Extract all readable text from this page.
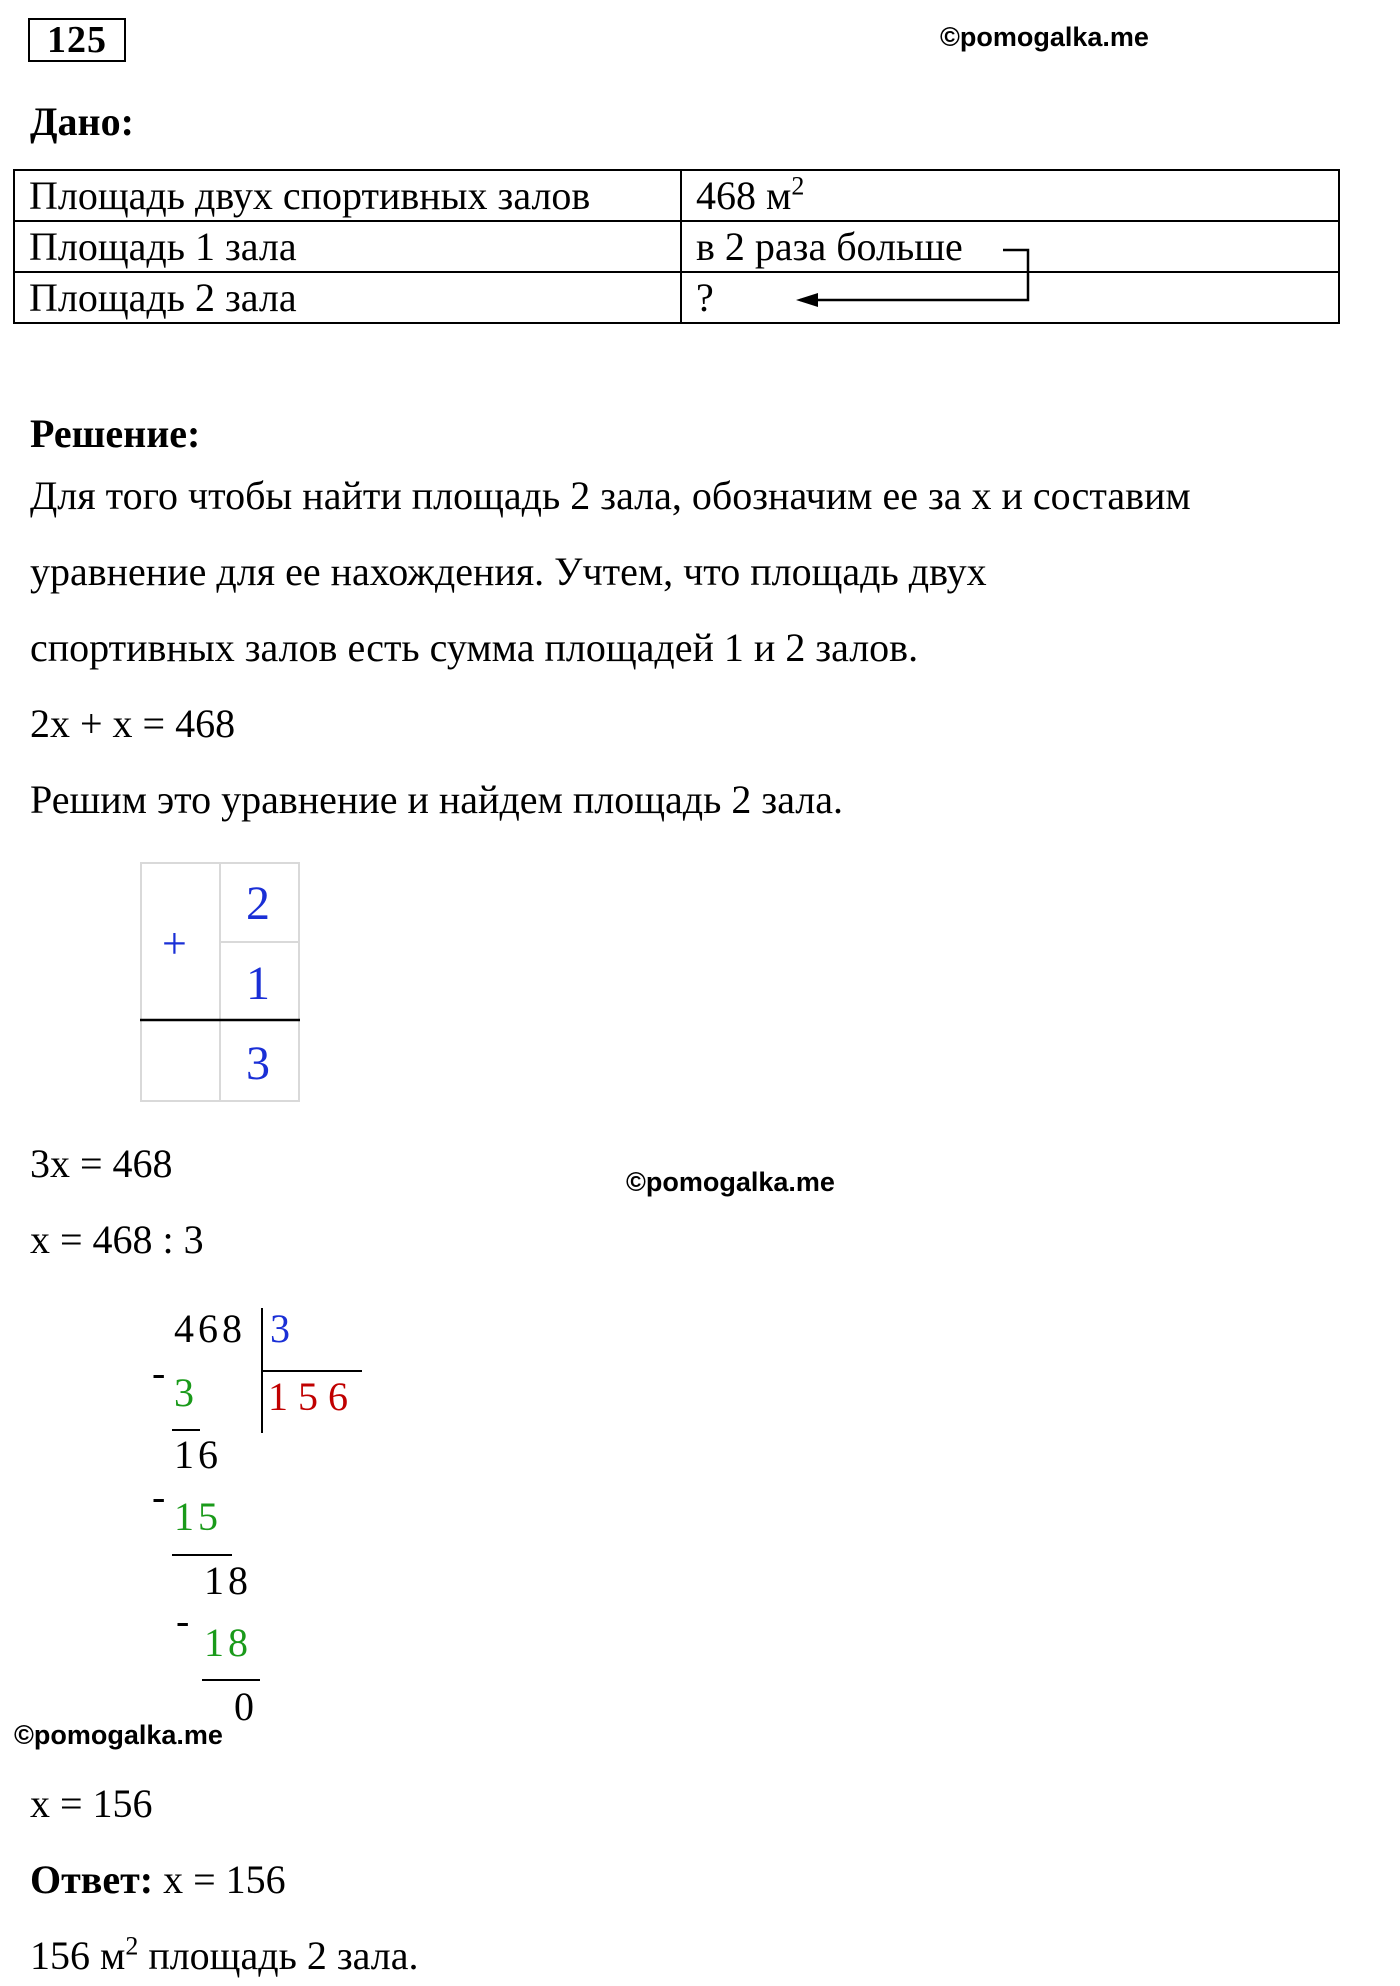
125	©pomogalka.me
Дано:
Площадь двух спортивных залов	468 $м^2$
Площадь 1 зала	в 2 раза больше
Площадь 2 зала	?
Решение:
Для того чтобы найти площадь 2 зала, обозначим ее за x и составим
уравнение для ее нахождения. Учтем, что площадь двух
спортивных залов есть сумма площадей 1 и 2 залов.
2x + x = 468
Решим это уравнение и найдем площадь 2 зала.
+
2
1
3
3x = 468	©pomogalka.me
x = 468 : 3
468 3
1 5 6
- 3
16
- 15
18
- 18
0
©pomogalka.me
x = 156
Ответ: x = 156
156 $м^2$ площадь 2 зала.
